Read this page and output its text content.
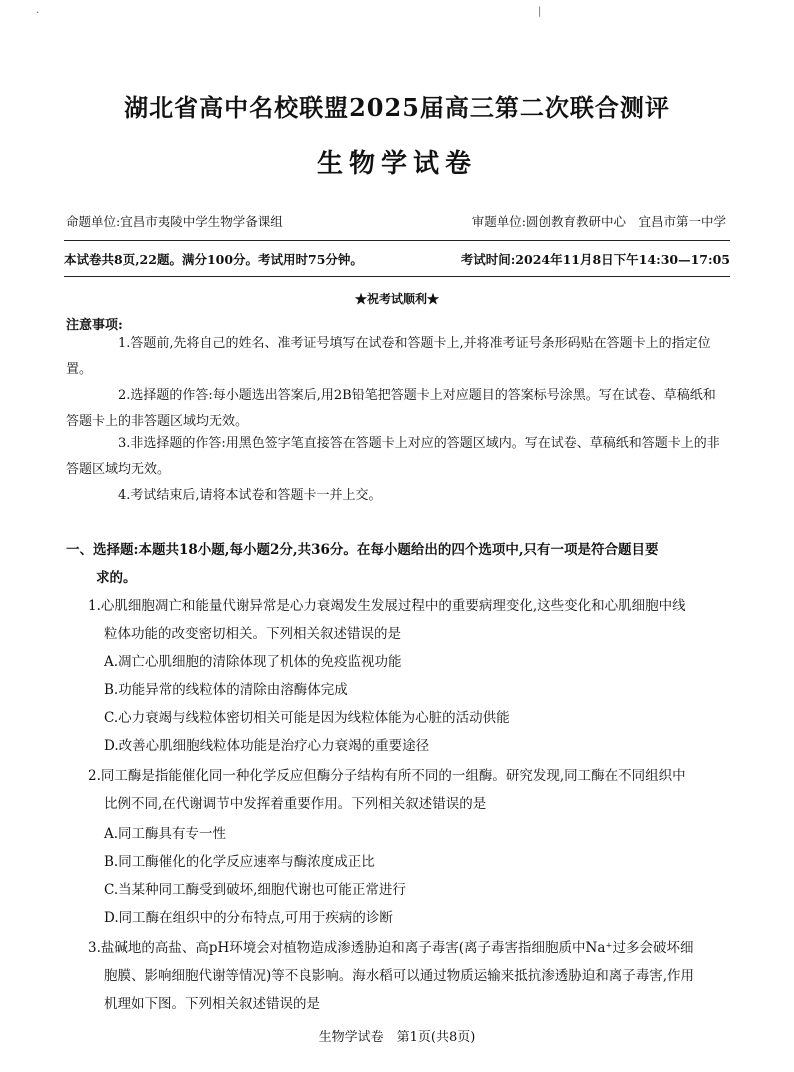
·	|
湖北省高中名校联盟2025届高三第二次联合测评
生物学试卷
命题单位:宜昌市夷陵中学生物学备课组	审题单位:圆创教育教研中心　宜昌市第一中学
本试卷共8页,22题。满分100分。考试用时75分钟。	考试时间:2024年11月8日下午14:30—17:05
★祝考试顺利★
注意事项:
1.答题前,先将自己的姓名、准考证号填写在试卷和答题卡上,并将准考证号条形码贴在答题卡上的指定位置。
2.选择题的作答:每小题选出答案后,用2B铅笔把答题卡上对应题目的答案标号涂黑。写在试卷、草稿纸和答题卡上的非答题区域均无效。
3.非选择题的作答:用黑色签字笔直接答在答题卡上对应的答题区域内。写在试卷、草稿纸和答题卡上的非答题区域均无效。
4.考试结束后,请将本试卷和答题卡一并上交。
一、选择题:本题共18小题,每小题2分,共36分。在每小题给出的四个选项中,只有一项是符合题目要
求的。
1.心肌细胞凋亡和能量代谢异常是心力衰竭发生发展过程中的重要病理变化,这些变化和心肌细胞中线
粒体功能的改变密切相关。下列相关叙述错误的是
A.凋亡心肌细胞的清除体现了机体的免疫监视功能
B.功能异常的线粒体的清除由溶酶体完成
C.心力衰竭与线粒体密切相关可能是因为线粒体能为心脏的活动供能
D.改善心肌细胞线粒体功能是治疗心力衰竭的重要途径
2.同工酶是指能催化同一种化学反应但酶分子结构有所不同的一组酶。研究发现,同工酶在不同组织中
比例不同,在代谢调节中发挥着重要作用。下列相关叙述错误的是
A.同工酶具有专一性
B.同工酶催化的化学反应速率与酶浓度成正比
C.当某种同工酶受到破坏,细胞代谢也可能正常进行
D.同工酶在组织中的分布特点,可用于疾病的诊断
3.盐碱地的高盐、高pH环境会对植物造成渗透胁迫和离子毒害(离子毒害指细胞质中Na⁺过多会破坏细
胞膜、影响细胞代谢等情况)等不良影响。海水稻可以通过物质运输来抵抗渗透胁迫和离子毒害,作用
机理如下图。下列相关叙述错误的是
生物学试卷　第1页(共8页)
